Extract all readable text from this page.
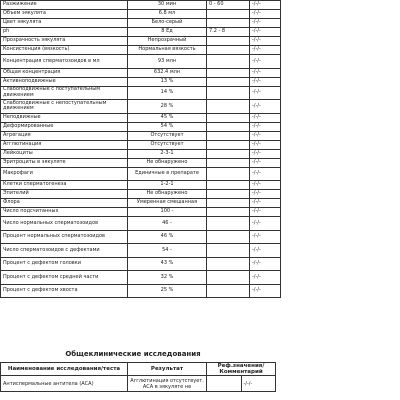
Разжижение	30 мин	0 - 60	-/-/-
Объем эякулята	6.8 мл		-/-/-
Цвет эякулята	Бело-серый		-/-/-
ph	8 Ед	7.2 - 8	-/-/-
Прозрачность эякулята	Непрозрачный		-/-/-
Консистенция (вязкость)	Нормальная вязкость		-/-/-
Концентрация сперматозоидов в мл	93 млн		-/-/-
Общая концентрация	632.4 млн		-/-/-
Активноподвижные	13 %		-/-/-
Слабоподвижные с поступательным движением	14 %		-/-/-
Слабоподвижные с непоступательным движением	28 %		-/-/-
Неподвижные	45 %		-/-/-
Деформированные	54 %		-/-/-
Агрегация	Отсутствует		-/-/-
Агглютинация	Отсутствует		-/-/-
Лейкоциты	2-3-1		-/-/-
Эритроциты в эякуляте	Не обнаружено		-/-/-
Макрофаги	Единичные в препарате		-/-/-
Клетки сперматогенеза	1-2-1		-/-/-
Эпителий	Не обнаружено		-/-/-
Флора	Умеренная смешанная		-/-/-
Число подсчитанных	100 -		-/-/-
Число нормальных сперматозоидов	46 -		-/-/-
Процент нормальных сперматозоидов	46 %		-/-/-
Число сперматозоидов с дефектами	54 -		-/-/-
Процент с дефектом головки	43 %		-/-/-
Процент с дефектом средней части	32 %		-/-/-
Процент с дефектом хвоста	25 %		-/-/-
Общеклинические исследования
Наименование исследования/теста	Результат	Реф.значения/Комментарий	
Антиспермальные антитела (АСА)	Агглютинация отсутствует. АСА в эякуляте не		-/-/-
